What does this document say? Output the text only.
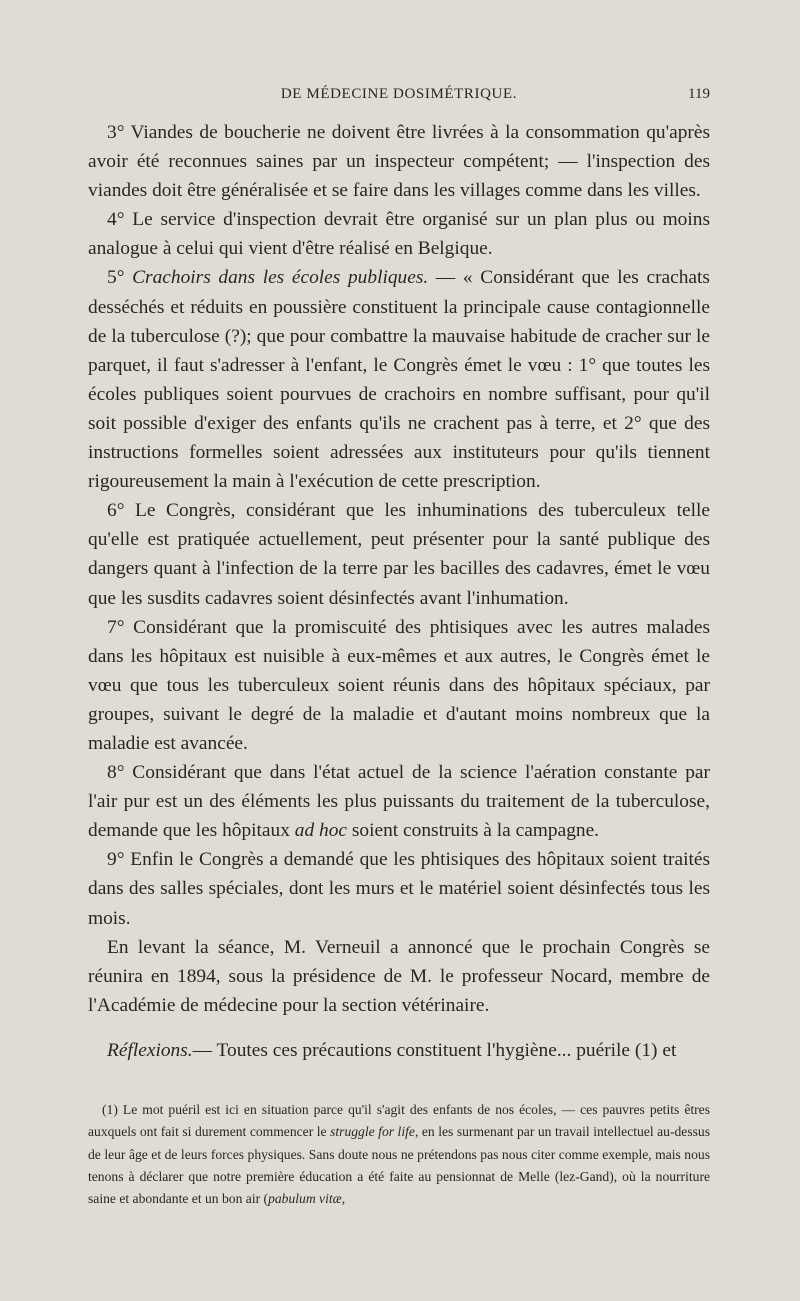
DE MÉDECINE DOSIMÉTRIQUE.	119

3° Viandes de boucherie ne doivent être livrées à la consommation qu'après avoir été reconnues saines par un inspecteur compétent; — l'inspection des viandes doit être généralisée et se faire dans les villages comme dans les villes.

4° Le service d'inspection devrait être organisé sur un plan plus ou moins analogue à celui qui vient d'être réalisé en Belgique.

5° Crachoirs dans les écoles publiques. — « Considérant que les crachats desséchés et réduits en poussière constituent la principale cause contagionnelle de la tuberculose (?); que pour combattre la mauvaise habitude de cracher sur le parquet, il faut s'adresser à l'enfant, le Congrès émet le vœu : 1° que toutes les écoles publiques soient pourvues de crachoirs en nombre suffisant, pour qu'il soit possible d'exiger des enfants qu'ils ne crachent pas à terre, et 2° que des instructions formelles soient adressées aux instituteurs pour qu'ils tiennent rigoureusement la main à l'exécution de cette prescription.

6° Le Congrès, considérant que les inhuminations des tuberculeux telle qu'elle est pratiquée actuellement, peut présenter pour la santé publique des dangers quant à l'infection de la terre par les bacilles des cadavres, émet le vœu que les susdits cadavres soient désinfectés avant l'inhumation.

7° Considérant que la promiscuité des phtisiques avec les autres malades dans les hôpitaux est nuisible à eux-mêmes et aux autres, le Congrès émet le vœu que tous les tuberculeux soient réunis dans des hôpitaux spéciaux, par groupes, suivant le degré de la maladie et d'autant moins nombreux que la maladie est avancée.

8° Considérant que dans l'état actuel de la science l'aération constante par l'air pur est un des éléments les plus puissants du traitement de la tuberculose, demande que les hôpitaux ad hoc soient construits à la campagne.

9° Enfin le Congrès a demandé que les phtisiques des hôpitaux soient traités dans des salles spéciales, dont les murs et le matériel soient désinfectés tous les mois.

En levant la séance, M. Verneuil a annoncé que le prochain Congrès se réunira en 1894, sous la présidence de M. le professeur Nocard, membre de l'Académie de médecine pour la section vétérinaire.

Réflexions.— Toutes ces précautions constituent l'hygiène... puérile (1) et

(1) Le mot puéril est ici en situation parce qu'il s'agit des enfants de nos écoles, — ces pauvres petits êtres auxquels ont fait si durement commencer le struggle for life, en les surmenant par un travail intellectuel au-dessus de leur âge et de leurs forces physiques. Sans doute nous ne prétendons pas nous citer comme exemple, mais nous tenons à déclarer que notre première éducation a été faite au pensionnat de Melle (lez-Gand), où la nourriture saine et abondante et un bon air (pabulum vitæ,
